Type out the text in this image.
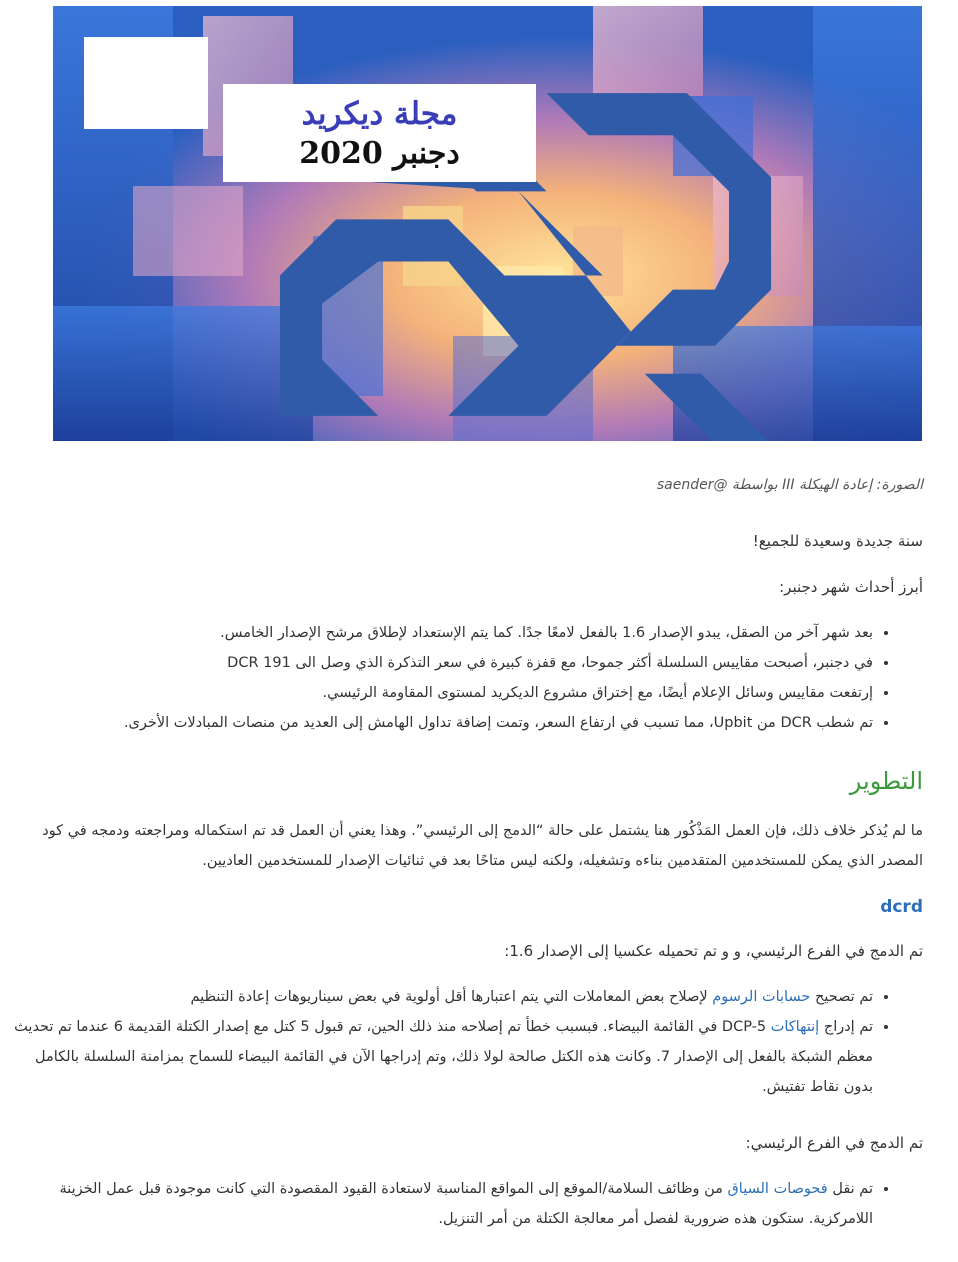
مجلة ديكريد
دجنبر 2020

الصورة: إعادة الهيكلة III بواسطة @saender

سنة جديدة وسعيدة للجميع!

أبرز أحداث شهر دجنبر:

• بعد شهر آخر من الصقل، يبدو الإصدار 1.6 بالفعل لامعًا جدًا. كما يتم الإستعداد لإطلاق مرشح الإصدار الخامس.
• في دجنبر، أصبحت مقاييس السلسلة أكثر جموحا، مع قفزة كبيرة في سعر التذكرة الذي وصل الى DCR 191
• إرتفعت مقاييس وسائل الإعلام أيضًا، مع إختراق مشروع الديكريد لمستوى المقاومة الرئيسي.
• تم شطب DCR من Upbit، مما تسبب في ارتفاع السعر، وتمت إضافة تداول الهامش إلى العديد من منصات المبادلات الأخرى.
التطوير

ما لم يُذكر خلاف ذلك، فإن العمل المَذْكُور هنا يشتمل على حالة “الدمج إلى الرئيسي”. وهذا يعني أن العمل قد تم استكماله ومراجعته ودمجه في كود المصدر الذي يمكن للمستخدمين المتقدمين بناءه وتشغيله، ولكنه ليس متاحًا بعد في ثنائيات الإصدار للمستخدمين العاديين.

dcrd

تم الدمج في الفرع الرئيسي، و و تم تحميله عكسيا إلى الإصدار 1.6:

• تم تصحيح حسابات الرسوم لإصلاح بعض المعاملات التي يتم اعتبارها أقل أولوية في بعض سيناريوهات إعادة التنظيم
• تم إدراج إنتهاكات DCP-5 في القائمة البيضاء. فبسبب خطأ تم إصلاحه منذ ذلك الحين، تم قبول 5 كتل مع إصدار الكتلة القديمة 6 عندما تم تحديث معظم الشبكة بالفعل إلى الإصدار 7. وكانت هذه الكتل صالحة لولا ذلك، وتم إدراجها الآن في القائمة البيضاء للسماح بمزامنة السلسلة بالكامل بدون نقاط تفتيش.

تم الدمج في الفرع الرئيسي:

• تم نقل فحوصات السياق من وظائف السلامة/الموقع إلى المواقع المناسبة لاستعادة القيود المقصودة التي كانت موجودة قبل عمل الخزينة اللامركزية. ستكون هذه ضرورية لفصل أمر معالجة الكتلة من أمر التنزيل.
